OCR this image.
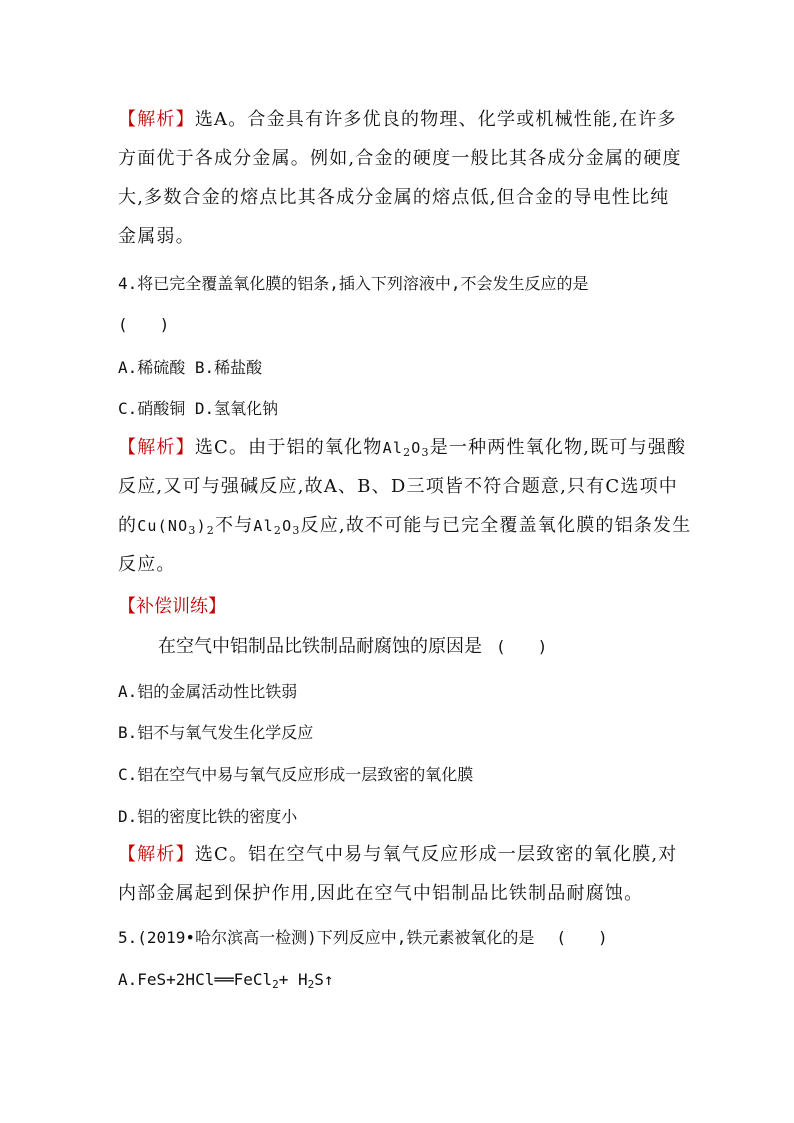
【解析】选A。合金具有许多优良的物理、化学或机械性能,在许多
方面优于各成分金属。例如,合金的硬度一般比其各成分金属的硬度
大,多数合金的熔点比其各成分金属的熔点低,但合金的导电性比纯
金属弱。
4.将已完全覆盖氧化膜的铝条,插入下列溶液中,不会发生反应的是
(　　)
A.稀硫酸 B.稀盐酸
C.硝酸铜 D.氢氧化钠
【解析】选C。由于铝的氧化物$Al_2O_3$是一种两性氧化物,既可与强酸
反应,又可与强碱反应,故A、B、D三项皆不符合题意,只有C选项中
的$Cu(NO_3)_2$不与$Al_2O_3$反应,故不可能与已完全覆盖氧化膜的铝条发生
反应。
【补偿训练】
在空气中铝制品比铁制品耐腐蚀的原因是 (　　)
A.铝的金属活动性比铁弱
B.铝不与氧气发生化学反应
C.铝在空气中易与氧气反应形成一层致密的氧化膜
D.铝的密度比铁的密度小
【解析】选C。铝在空气中易与氧气反应形成一层致密的氧化膜,对
内部金属起到保护作用,因此在空气中铝制品比铁制品耐腐蚀。
5.(2019•哈尔滨高一检测)下列反应中,铁元素被氧化的是 (　　)
A.FeS+2HCl══FeCl$_2$+ $H_2S↑$
